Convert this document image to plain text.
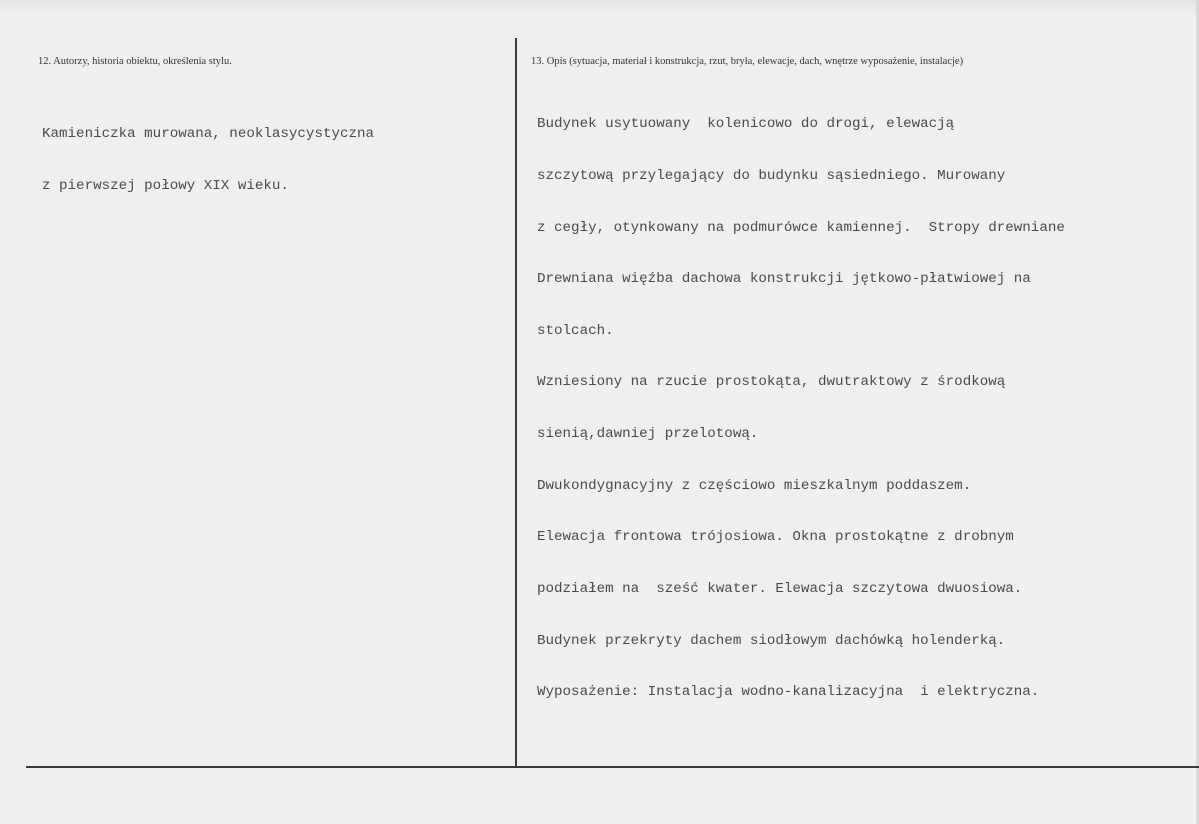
12. Autorzy, historia obiektu, określenia stylu.	13. Opis (sytuacja, materiał i konstrukcja, rzut, bryła, elewacje, dach, wnętrze wyposażenie, instalacje)

Kamieniczka murowana, neoklasycystyczna

z pierwszej połowy XIX wieku.

Budynek usytuowany  kolenicowo do drogi, elewacją

szczytową przylegający do budynku sąsiedniego. Murowany

z cegły, otynkowany na podmurówce kamiennej.  Stropy drewniane

Drewniana więźba dachowa konstrukcji jętkowo-płatwiowej na

stolcach.

Wzniesiony na rzucie prostokąta, dwutraktowy z środkową

sienią,dawniej przelotową.

Dwukondygnacyjny z częściowo mieszkalnym poddaszem.

Elewacja frontowa trójosiowa. Okna prostokątne z drobnym

podziałem na  sześć kwater. Elewacja szczytowa dwuosiowa.

Budynek przekryty dachem siodłowym dachówką holenderką.

Wyposażenie: Instalacja wodno-kanalizacyjna  i elektryczna.
